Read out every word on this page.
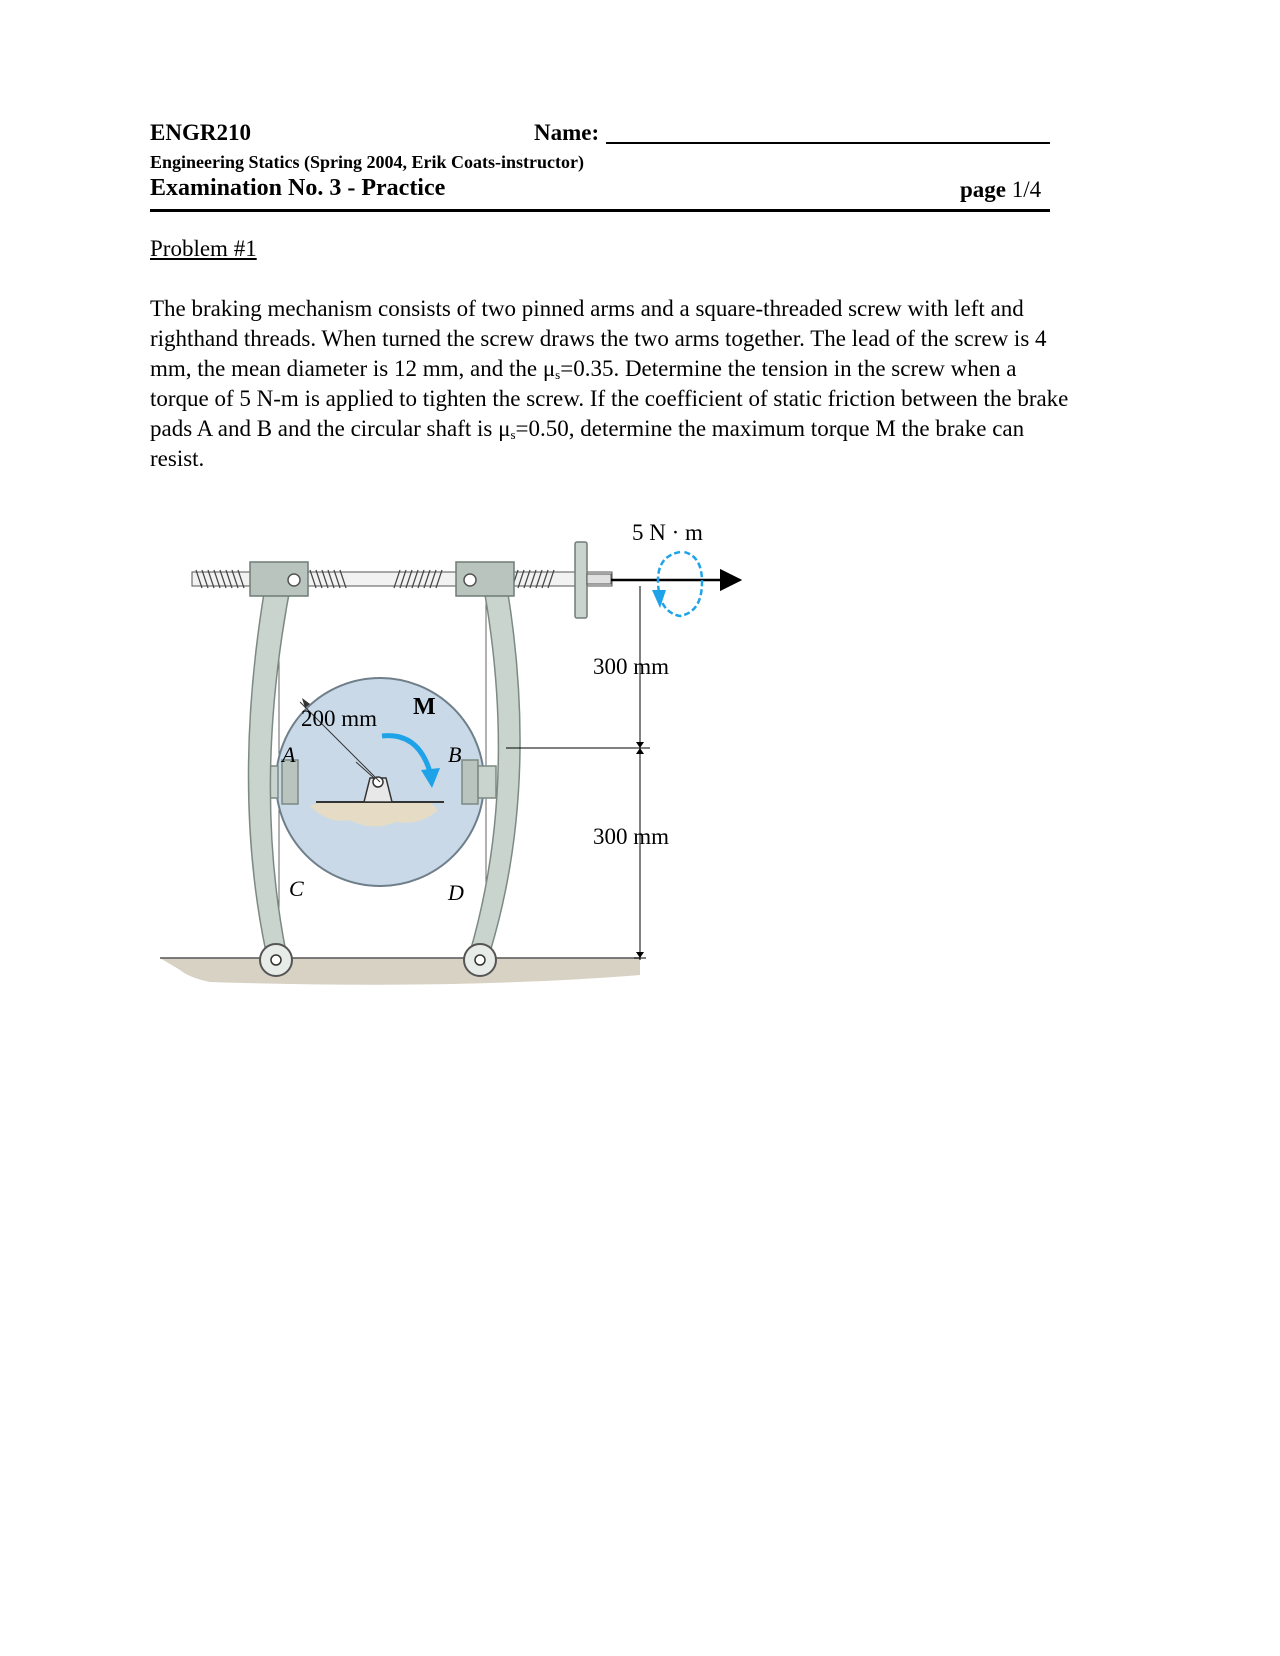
ENGR210	Name:
Engineering Statics (Spring 2004, Erik Coats-instructor)
Examination No. 3 - Practice	page 1/4
Problem #1

The braking mechanism consists of two pinned arms and a square-threaded screw with left and

righthand threads. When turned the screw draws the two arms together. The lead of the screw is 4

mm, the mean diameter is 12 mm, and the $\mu_s=0.35$. Determine the tension in the screw when a

torque of 5 N-m is applied to tighten the screw. If the coefficient of static friction between the brake

pads A and B and the circular shaft is $\mu_s=0.50$, determine the maximum torque M the brake can

resist.

5 N · m
300 mm
300 mm
200 mm M
A	B
C	D
